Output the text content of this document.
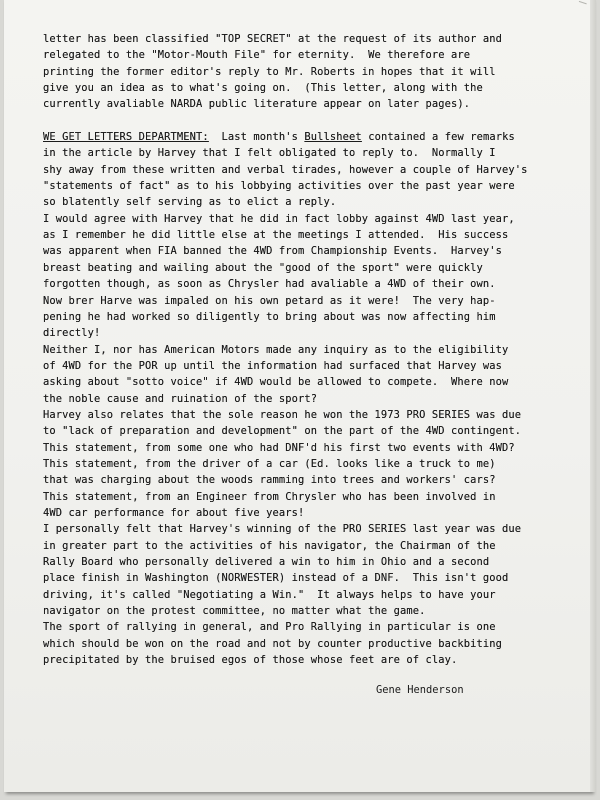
letter has been classified "TOP SECRET" at the request of its author and
relegated to the "Motor-Mouth File" for eternity.  We therefore are
printing the former editor's reply to Mr. Roberts in hopes that it will
give you an idea as to what's going on.  (This letter, along with the
currently avaliable NARDA public literature appear on later pages).
WE GET LETTERS DEPARTMENT:  Last month's Bullsheet contained a few remarks
in the article by Harvey that I felt obligated to reply to.  Normally I
shy away from these written and verbal tirades, however a couple of Harvey's
"statements of fact" as to his lobbying activities over the past year were
so blatently self serving as to elict a reply.
I would agree with Harvey that he did in fact lobby against 4WD last year,
as I remember he did little else at the meetings I attended.  His success
was apparent when FIA banned the 4WD from Championship Events.  Harvey's
breast beating and wailing about the "good of the sport" were quickly
forgotten though, as soon as Chrysler had avaliable a 4WD of their own.
Now brer Harve was impaled on his own petard as it were!  The very hap-
pening he had worked so diligently to bring about was now affecting him
directly!
Neither I, nor has American Motors made any inquiry as to the eligibility
of 4WD for the POR up until the information had surfaced that Harvey was
asking about "sotto voice" if 4WD would be allowed to compete.  Where now
the noble cause and ruination of the sport?
Harvey also relates that the sole reason he won the 1973 PRO SERIES was due
to "lack of preparation and development" on the part of the 4WD contingent.
This statement, from some one who had DNF'd his first two events with 4WD?
This statement, from the driver of a car (Ed. looks like a truck to me)
that was charging about the woods ramming into trees and workers' cars?
This statement, from an Engineer from Chrysler who has been involved in
4WD car performance for about five years!
I personally felt that Harvey's winning of the PRO SERIES last year was due
in greater part to the activities of his navigator, the Chairman of the
Rally Board who personally delivered a win to him in Ohio and a second
place finish in Washington (NORWESTER) instead of a DNF.  This isn't good
driving, it's called "Negotiating a Win."  It always helps to have your
navigator on the protest committee, no matter what the game.
The sport of rallying in general, and Pro Rallying in particular is one
which should be won on the road and not by counter productive backbiting
precipitated by the bruised egos of those whose feet are of clay.
Gene Henderson
